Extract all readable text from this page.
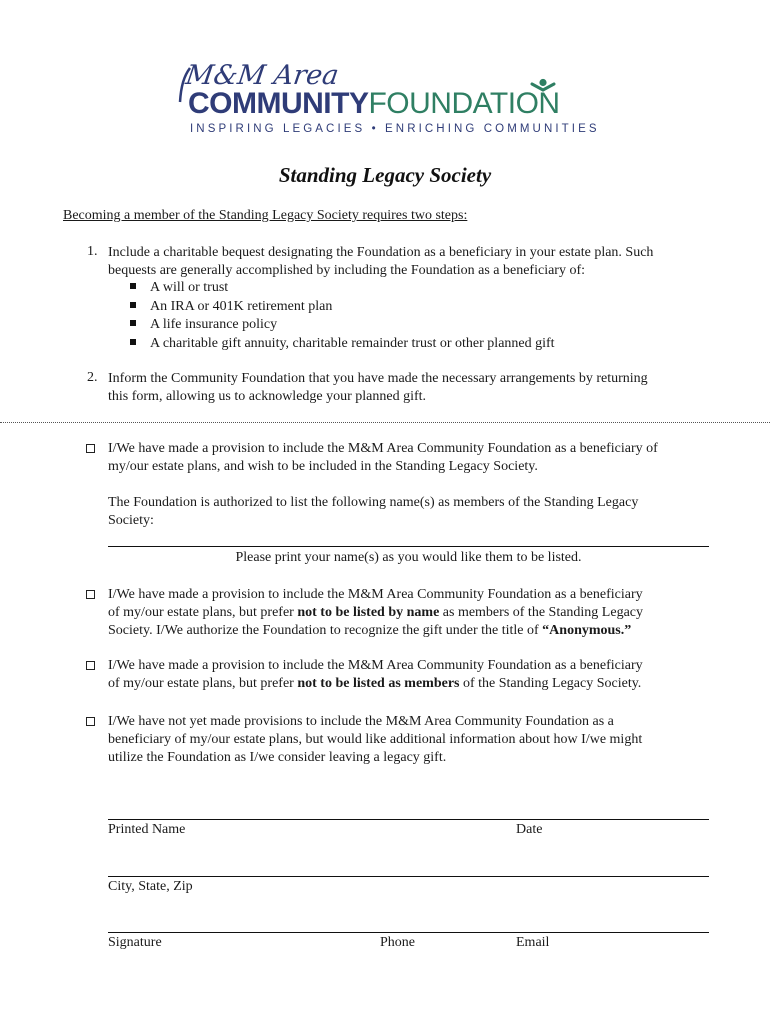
M&M Area
COMMUNITYFOUNDATION
INSPIRING LEGACIES • ENRICHING COMMUNITIES
Standing Legacy Society
Becoming a member of the Standing Legacy Society requires two steps:
1. Include a charitable bequest designating the Foundation as a beneficiary in your estate plan. Such
bequests are generally accomplished by including the Foundation as a beneficiary of:
A will or trust
An IRA or 401K retirement plan
A life insurance policy
A charitable gift annuity, charitable remainder trust or other planned gift
2. Inform the Community Foundation that you have made the necessary arrangements by returning
this form, allowing us to acknowledge your planned gift.
I/We have made a provision to include the M&M Area Community Foundation as a beneficiary of
my/our estate plans, and wish to be included in the Standing Legacy Society.
The Foundation is authorized to list the following name(s) as members of the Standing Legacy
Society:
Please print your name(s) as you would like them to be listed.
I/We have made a provision to include the M&M Area Community Foundation as a beneficiary
of my/our estate plans, but prefer not to be listed by name as members of the Standing Legacy
Society. I/We authorize the Foundation to recognize the gift under the title of “Anonymous.”
I/We have made a provision to include the M&M Area Community Foundation as a beneficiary
of my/our estate plans, but prefer not to be listed as members of the Standing Legacy Society.
I/We have not yet made provisions to include the M&M Area Community Foundation as a
beneficiary of my/our estate plans, but would like additional information about how I/we might
utilize the Foundation as I/we consider leaving a legacy gift.
Printed Name	Date
City, State, Zip
Signature	Phone	Email
